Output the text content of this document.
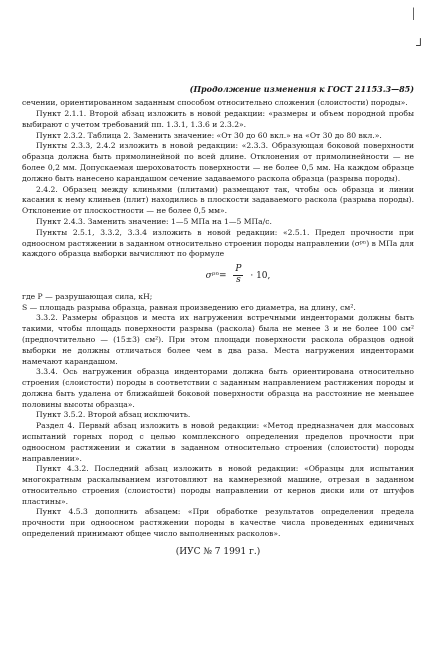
|
┘
(Продолжение изменения к ГОСТ 21153.3—85)

сечении, ориентированном заданным способом относительно сложения (слоистости) породы».

Пункт 2.1.1. Второй абзац изложить в новой редакции: «размеры и объем породной пробы выбирают с учетом требований пп. 1.3.1, 1.3.6 и 2.3.2».

Пункт 2.3.2. Таблица 2. Заменить значение: «От 30 до 60 вкл.» на «От 30 до 80 вкл.».

Пункты 2.3.3, 2.4.2 изложить в новой редакции: «2.3.3. Образующая боковой поверхности образца должна быть прямолинейной по всей длине. Отклонения от прямолинейности — не более 0,2 мм. Допускаемая шероховатость поверхности — не более 0,5 мм. На каждом образце должно быть нанесено карандашом сечение задаваемого раскола образца (разрыва породы).

2.4.2. Образец между клиньями (плитами) размещают так, чтобы ось образца и линии касания к нему клиньев (плит) находились в плоскости задаваемого раскола (разрыва породы). Отклонение от плоскостности — не более 0,5 мм».

Пункт 2.4.3. Заменить значение: 1—5 МПа на 1—5 МПа/с.

Пункты 2.5.1, 3.3.2, 3.3.4 изложить в новой редакции: «2.5.1. Предел прочности при одноосном растяжении в заданном относительно строения породы направлении (σᵖⁿ) в МПа для каждого образца выборки вычисляют по формуле

σᵖⁿ= $\frac{P}{s} \cdot 10$,

где P — разрушающая сила, кН;

S — площадь разрыва образца, равная произведению его диаметра, на длину, см².

3.3.2. Размеры образцов и места их нагружения встречными инденторами должны быть такими, чтобы площадь поверхности разрыва (раскола) была не менее 3 и не более 100 см² (предпочтительно — (15±3) см²). При этом площади поверхности раскола образцов одной выборки не должны отличаться более чем в два раза. Места нагружения инденторами намечают карандашом.

3.3.4. Ось нагружения образца инденторами должна быть ориентирована относительно строения (слоистости) породы в соответствии с заданным направлением растяжения породы и должна быть удалена от ближайшей боковой поверхности образца на расстояние не меньшее половины высоты образца».

Пункт 3.5.2. Второй абзац исключить.

Раздел 4. Первый абзац изложить в новой редакции: «Метод предназначен для массовых испытаний горных пород с целью комплексного определения пределов прочности при одноосном растяжении и сжатии в заданном относительно строения (слоистости) породы направлении».

Пункт 4.3.2. Последний абзац изложить в новой редакции: «Образцы для испытания многократным раскалыванием изготовляют на камнерезной машине, отрезая в заданном относительно строения (слоистости) породы направлении от кернов диски или от штуфов пластины».

Пункт 4.5.3 дополнить абзацем: «При обработке результатов определения предела прочности при одноосном растяжении породы в качестве числа проведенных единичных определений принимают общее число выполненных расколов».

(ИУС № 7 1991 г.)
